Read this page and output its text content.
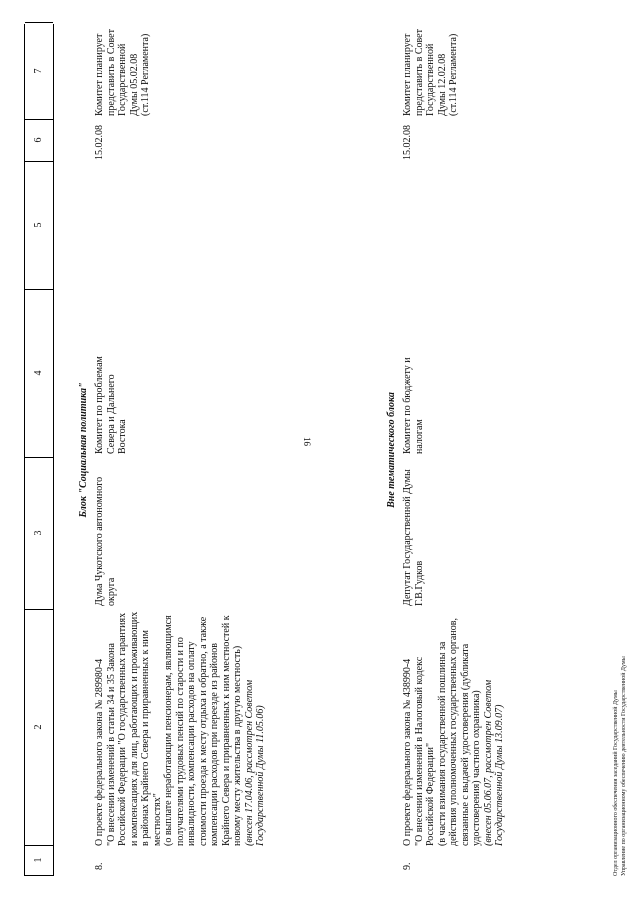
16
1
2
3
4
5
6
7
Блок "Социальная политика"
8.
О проекте федерального закона № 289980-4
"О внесении изменений в статьи 34 и 35 Закона Российской Федерации "О государственных гарантиях и компенсациях для лиц, работающих и проживающих в районах Крайнего Севера и приравненных к ним местностях"
(о выплате неработающим пенсионерам, являющимся получателями трудовых пенсий по старости и по инвалидности, компенсации расходов на оплату стоимости проезда к месту отдыха и обратно, а также компенсации расходов при переезде из районов Крайнего Севера и приравненных к ним местностей к новому месту жительства в другую местность)
(внесен 17.04.06, рассмотрен Советом Государственной Думы 11.05.06)
Дума Чукотского автономного округа
Комитет по проблемам Севера и Дальнего Востока
15.02.08
Комитет планирует представить в Совет Государственной Думы 05.02.08 (ст.114 Регламента)
Вне тематического блока
9.
О проекте федерального закона № 438990-4
"О внесении изменений в Налоговый кодекс Российской Федерации"
(в части взимания государственной пошлины за действия уполномоченных государственных органов, связанные с выдачей удостоверения (дубликата удостоверения) частного охранника)
(внесен 05.06.07, рассмотрен Советом Государственной Думы 13.09.07)
Депутат Государственной Думы Г.В.Гудков
Комитет по бюджету и налогам
15.02.08
Комитет планирует представить в Совет Государственной Думы 12.02.08 (ст.114 Регламента)
Отдел организационного обеспечения заседаний Государственной Думы Управление по организационному обеспечению деятельности Государственной Думы
